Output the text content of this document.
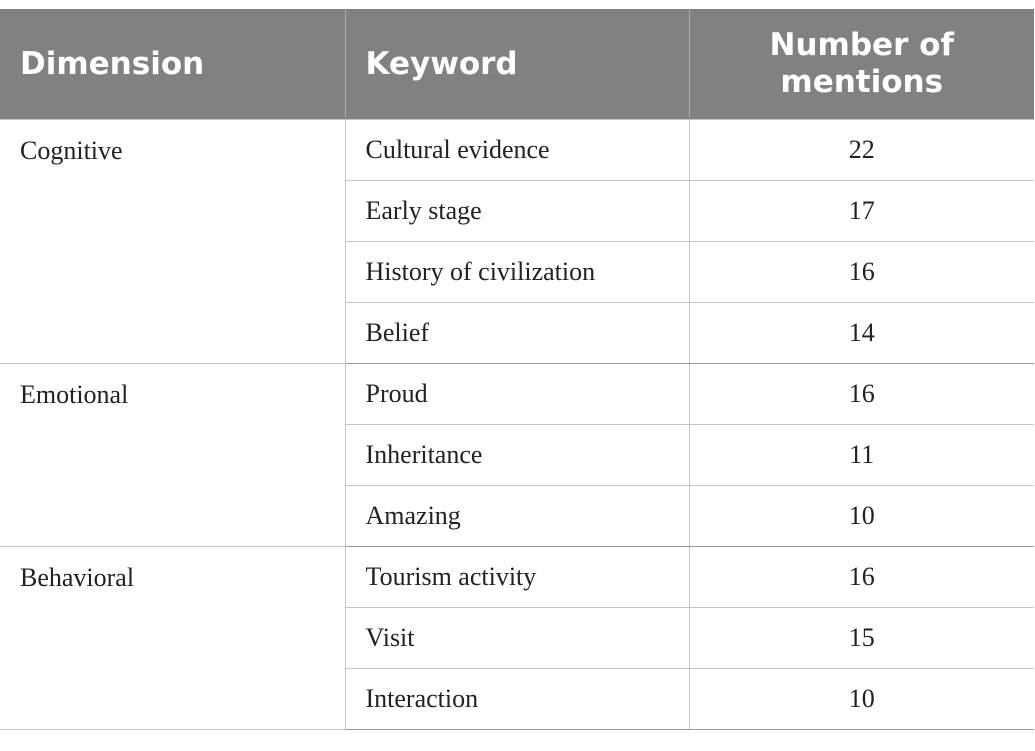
Dimension	Keyword	Number of mentions
Cognitive	Cultural evidence	22
	Early stage	17
	History of civilization	16
	Belief	14
Emotional	Proud	16
	Inheritance	11
	Amazing	10
Behavioral	Tourism activity	16
	Visit	15
	Interaction	10
